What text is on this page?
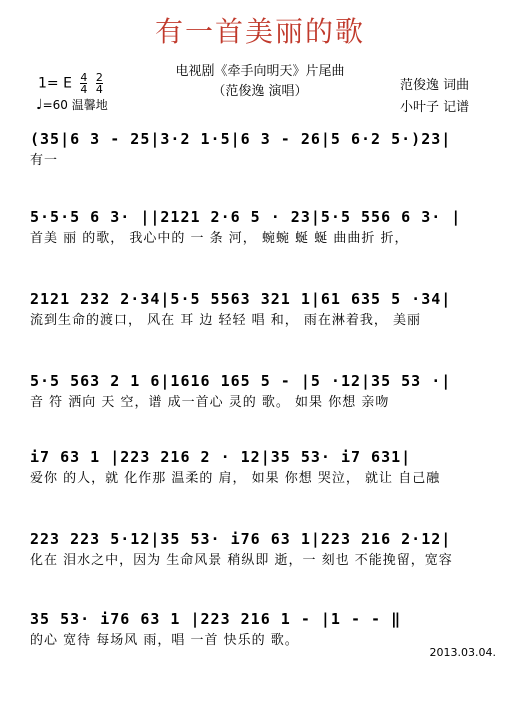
有一首美丽的歌
电视剧《牵手向明天》片尾曲
（范俊逸 演唱）
1= E $\frac{4}{4}$
$\frac{2}{4}$
♩=60 温馨地
范俊逸 词曲
小叶子 记谱
(35|6 3 - 25|3·2 1·5|6 3 - 26|5 6·2 5·)23|
有一
5·5·5 6 3· ||2121 2·6 5 · 23|5·5 556 6 3· |
首美 丽 的歌， 我心中的 一 条 河， 蜿蜿 蜒 蜒 曲曲折 折，
2121 232 2·34|5·5 5563 321 1|61 635 5 ·34|
流到生命的渡口， 风在 耳 边 轻轻 唱 和， 雨在淋着我， 美丽
5·5 563 2 1 6|1616 165 5 - |5 ·12|35 53 ·|
音 符 洒向 天 空，谱 成一首心 灵的 歌。 如果 你想 亲吻
i7 63 1 |223 216 2 · 12|35 53· i7 631|
爱你 的人，就 化作那 温柔的 肩， 如果 你想 哭泣， 就让 自己融
223 223 5·12|35 53· i76 63 1|223 216 2·12|
化在 泪水之中，因为 生命风景 稍纵即 逝，一 刻也 不能挽留，宽容
35 53· i76 63 1 |223 216 1 - |1 - - ‖
的心 宽待 每场风 雨，唱 一首 快乐的 歌。
2013.03.04.
